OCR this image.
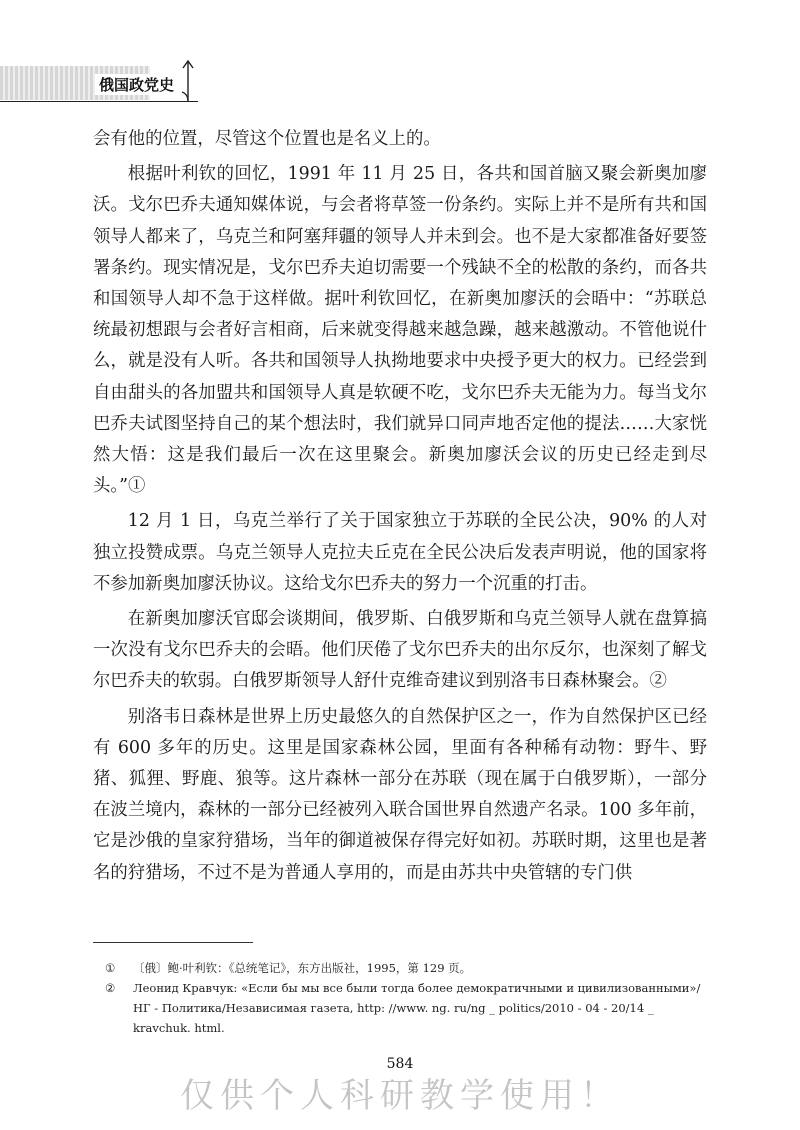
俄国政党史

会有他的位置，尽管这个位置也是名义上的。

根据叶利钦的回忆，1991 年 11 月 25 日，各共和国首脑又聚会新奥加廖沃。戈尔巴乔夫通知媒体说，与会者将草签一份条约。实际上并不是所有共和国领导人都来了，乌克兰和阿塞拜疆的领导人并未到会。也不是大家都准备好要签署条约。现实情况是，戈尔巴乔夫迫切需要一个残缺不全的松散的条约，而各共和国领导人却不急于这样做。据叶利钦回忆，在新奥加廖沃的会晤中：“苏联总统最初想跟与会者好言相商，后来就变得越来越急躁，越来越激动。不管他说什么，就是没有人听。各共和国领导人执拗地要求中央授予更大的权力。已经尝到自由甜头的各加盟共和国领导人真是软硬不吃，戈尔巴乔夫无能为力。每当戈尔巴乔夫试图坚持自己的某个想法时，我们就异口同声地否定他的提法……大家恍然大悟：这是我们最后一次在这里聚会。新奥加廖沃会议的历史已经走到尽头。”①

12 月 1 日，乌克兰举行了关于国家独立于苏联的全民公决，90% 的人对独立投赞成票。乌克兰领导人克拉夫丘克在全民公决后发表声明说，他的国家将不参加新奥加廖沃协议。这给戈尔巴乔夫的努力一个沉重的打击。

在新奥加廖沃官邸会谈期间，俄罗斯、白俄罗斯和乌克兰领导人就在盘算搞一次没有戈尔巴乔夫的会晤。他们厌倦了戈尔巴乔夫的出尔反尔，也深刻了解戈尔巴乔夫的软弱。白俄罗斯领导人舒什克维奇建议到别洛韦日森林聚会。②

别洛韦日森林是世界上历史最悠久的自然保护区之一，作为自然保护区已经有 600 多年的历史。这里是国家森林公园，里面有各种稀有动物：野牛、野猪、狐狸、野鹿、狼等。这片森林一部分在苏联（现在属于白俄罗斯），一部分在波兰境内，森林的一部分已经被列入联合国世界自然遗产名录。100 多年前，它是沙俄的皇家狩猎场，当年的御道被保存得完好如初。苏联时期，这里也是著名的狩猎场，不过不是为普通人享用的，而是由苏共中央管辖的专门供

①	〔俄〕鲍·叶利钦：《总统笔记》，东方出版社，1995，第 129 页。
②	Леонид Кравчук: «Если бы мы все были тогда более демократичными и цивилизованными»/ НГ - Политика/Независимая газета, http: //www. ng. ru/ng _ politics/2010 - 04 - 20/14 _ kravchuk. html.
584
仅供个人科研教学使用！
